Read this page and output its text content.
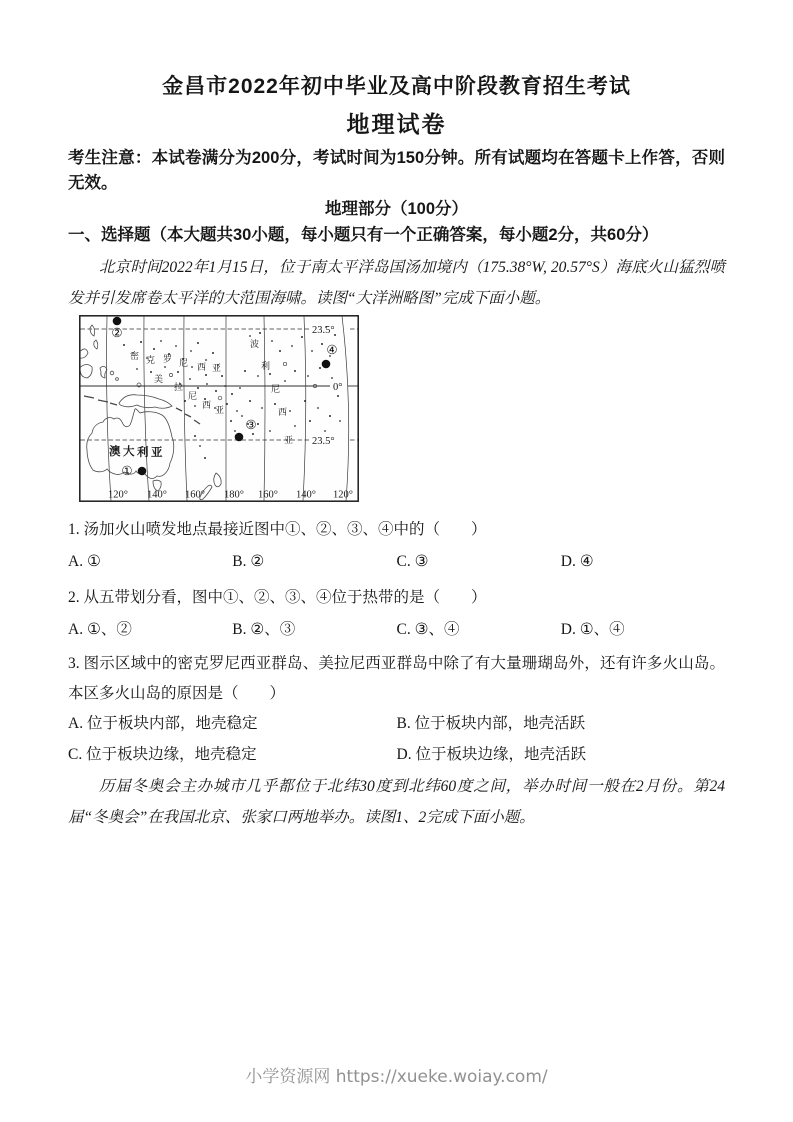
金昌市2022年初中毕业及高中阶段教育招生考试
地理试卷

考生注意：本试卷满分为200分，考试时间为150分钟。所有试题均在答题卡上作答，否则无效。

地理部分（100分）
一、选择题（本大题共30小题，每小题只有一个正确答案，每小题2分，共60分）

北京时间2022年1月15日，位于南太平洋岛国汤加境内（175.38°W, 20.57°S）海底火山猛烈喷发并引发席卷太平洋的大范围海啸。读图“大洋洲略图”完成下面小题。

23.5°
0°
23.5°
120° 140° 160° 180° 160° 140° 120°
密 克 罗 尼 西 亚
美拉尼 西 亚
波利尼 西亚
澳 大 利 亚
①
②
③
④

1. 汤加火山喷发地点最接近图中①、②、③、④中的（　　）

A. ①	B. ②	C. ③	D. ④

2. 从五带划分看，图中①、②、③、④位于热带的是（　　）

A. ①、②	B. ②、③	C. ③、④	D. ①、④

3. 图示区域中的密克罗尼西亚群岛、美拉尼西亚群岛中除了有大量珊瑚岛外，还有许多火山岛。本区多火山岛的原因是（　　）

A. 位于板块内部，地壳稳定	B. 位于板块内部，地壳活跃
C. 位于板块边缘，地壳稳定	D. 位于板块边缘，地壳活跃

历届冬奥会主办城市几乎都位于北纬30度到北纬60度之间，举办时间一般在2月份。第24届“冬奥会”在我国北京、张家口两地举办。读图1、2完成下面小题。

小学资源网 https://xueke.woiay.com/
